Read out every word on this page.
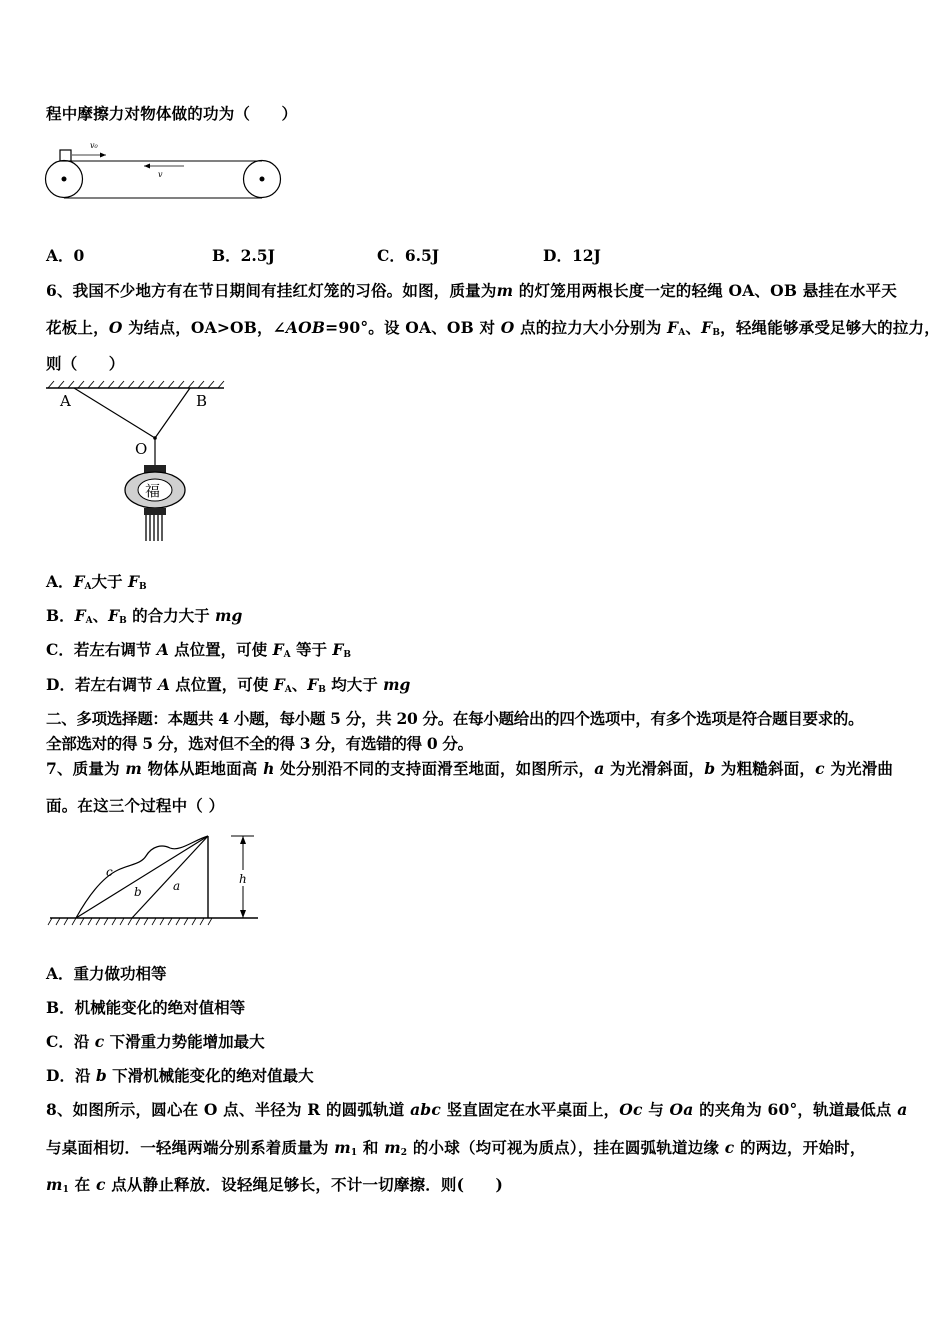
程中摩擦力对物体做的功为（　　）
v₀
v
A．0	B．2.5J	C．6.5J	D．12J
6、我国不少地方有在节日期间有挂红灯笼的习俗。如图，质量为m 的灯笼用两根长度一定的轻绳 OA、OB 悬挂在水平天
花板上，O 为结点，OA>OB，∠AOB=90°。设 OA、OB 对 O 点的拉力大小分别为 $F_A$、$F_B$，轻绳能够承受足够大的拉力，
则（　　）
A	B
O
福
A．$F_A$大于 $F_B$
B．$F_A$、$F_B$ 的合力大于 mg
C．若左右调节 A 点位置，可使 $F_A$ 等于 $F_B$
D．若左右调节 A 点位置，可使 $F_A$、$F_B$ 均大于 mg
二、多项选择题：本题共 4 小题，每小题 5 分，共 20 分。在每小题给出的四个选项中，有多个选项是符合题目要求的。
全部选对的得 5 分，选对但不全的得 3 分，有选错的得 0 分。
7、质量为 m 物体从距地面高 h 处分别沿不同的支持面滑至地面，如图所示，a 为光滑斜面，b 为粗糙斜面，c 为光滑曲
面。在这三个过程中（ ）
c
b	a	h
A．重力做功相等
B．机械能变化的绝对值相等
C．沿 c 下滑重力势能增加最大
D．沿 b 下滑机械能变化的绝对值最大
8、如图所示，圆心在 O 点、半径为 R 的圆弧轨道 abc 竖直固定在水平桌面上，Oc 与 Oa 的夹角为 60°，轨道最低点 a
与桌面相切．一轻绳两端分别系着质量为 $m_1$ 和 $m_2$ 的小球（均可视为质点），挂在圆弧轨道边缘 c 的两边，开始时，
$m_1$ 在 c 点从静止释放．设轻绳足够长，不计一切摩擦．则(　　)
